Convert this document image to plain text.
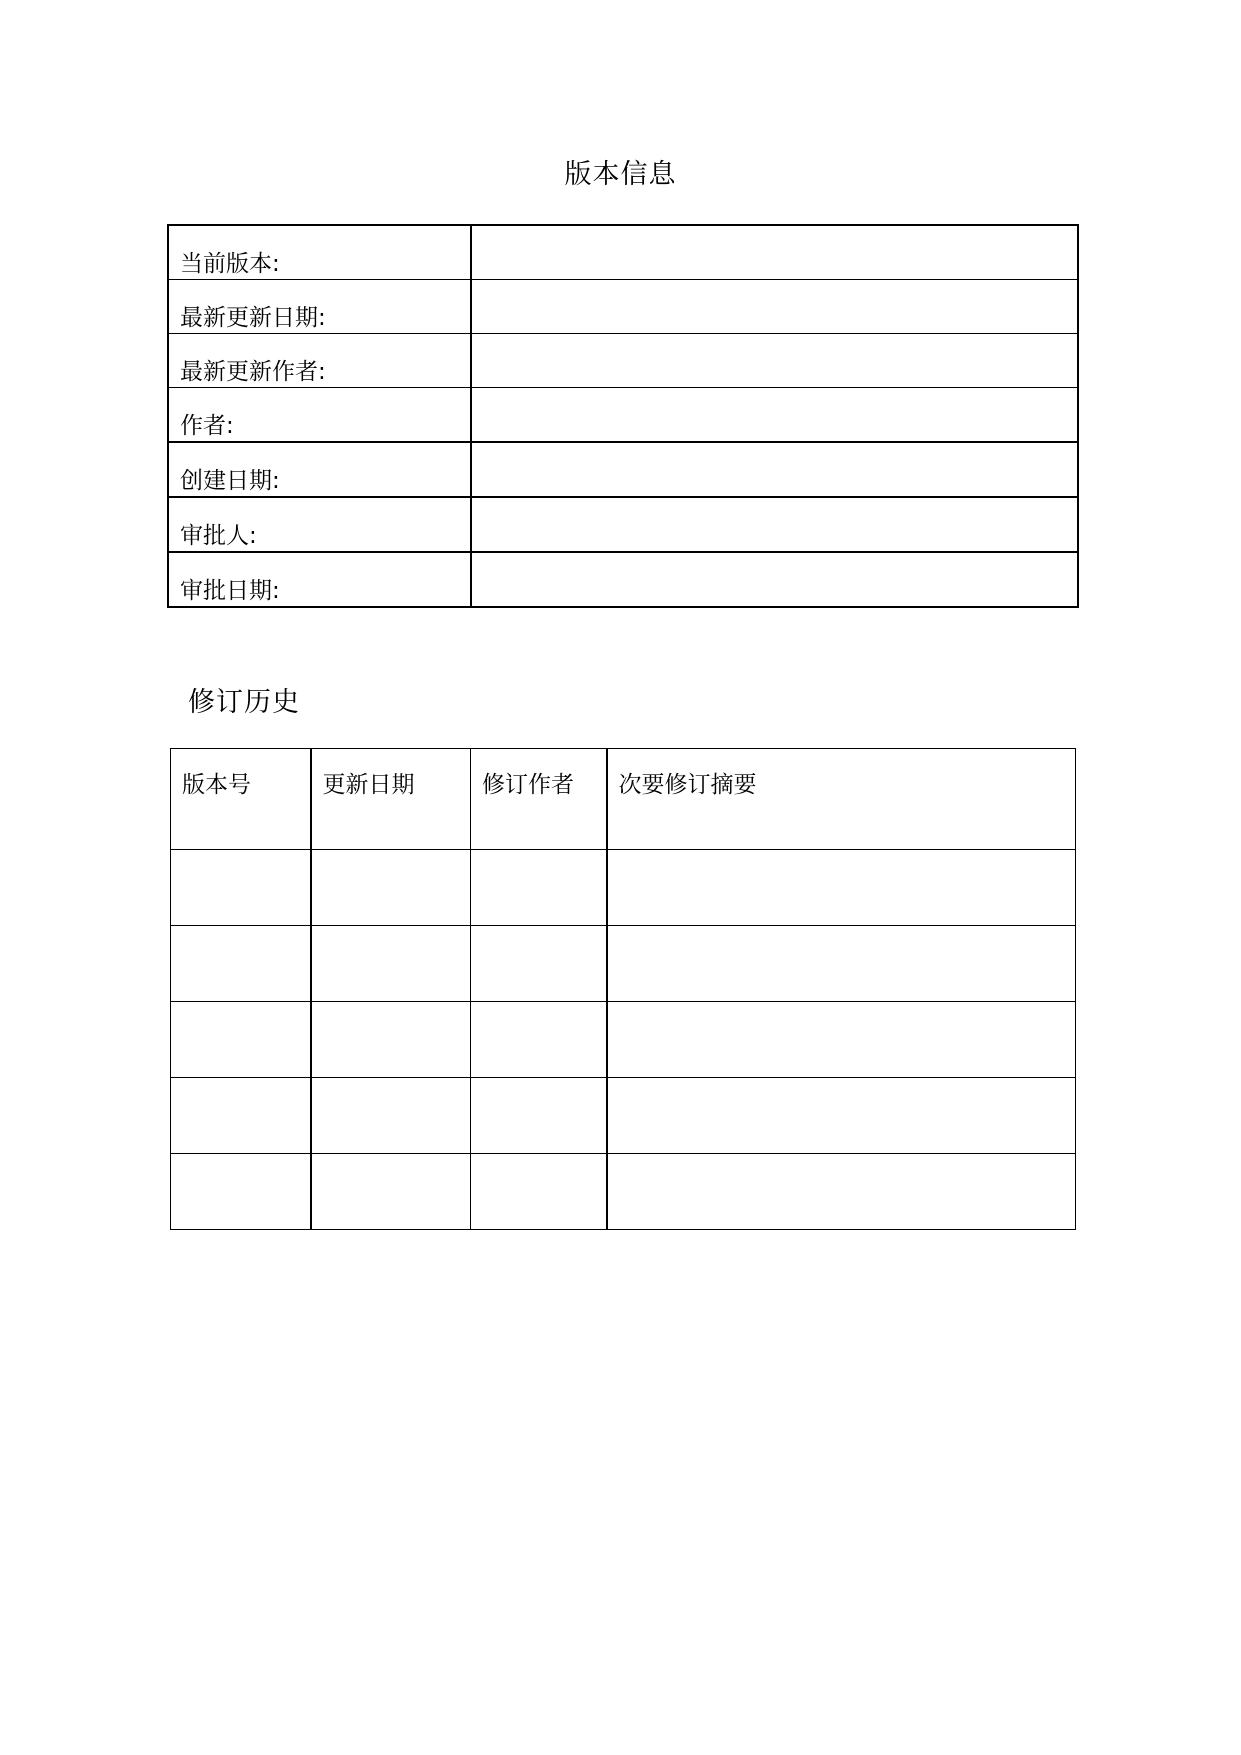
版本信息
当前版本:	
最新更新日期:	
最新更新作者:	
作者:	
创建日期:	
审批人:	
审批日期:	
修订历史
版本号	更新日期	修订作者	次要修订摘要
